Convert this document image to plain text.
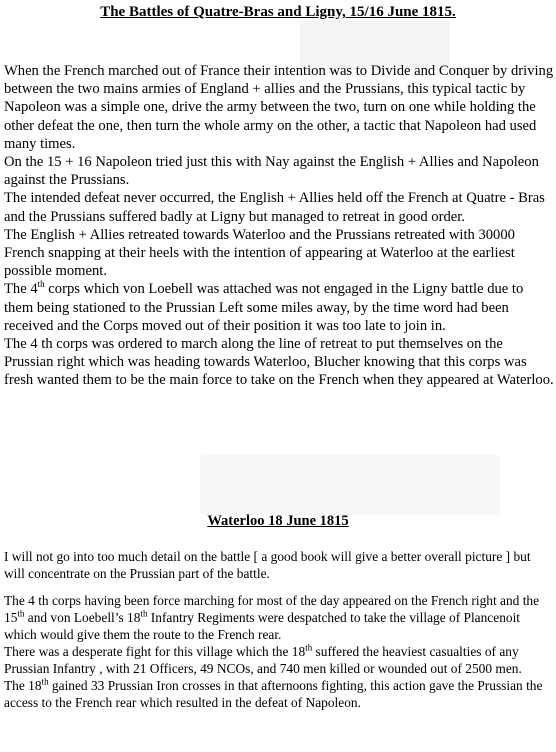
The Battles of Quatre-Bras and Ligny, 15/16 June 1815.

When the French marched out of France their intention was to Divide and Conquer by driving between the two mains armies of England + allies and the Prussians, this typical tactic by Napoleon was a simple one, drive the army between the two, turn on one while holding the other defeat the one, then turn the whole army on the other, a tactic that Napoleon had used many times.

On the 15 + 16 Napoleon tried just this with Nay against the English + Allies and Napoleon against the Prussians.

The intended defeat never occurred, the English + Allies held off the French at Quatre - Bras and the Prussians suffered badly at Ligny but managed to retreat in good order.

The English + Allies retreated towards Waterloo and the Prussians retreated with 30000 French snapping at their heels with the intention of appearing at Waterloo at the earliest possible moment.

The 4th corps which von Loebell was attached was not engaged in the Ligny battle due to them being stationed to the Prussian Left some miles away, by the time word had been received and the Corps moved out of their position it was too late to join in.

The 4 th corps was ordered to march along the line of retreat to put themselves on the Prussian right which was heading towards Waterloo, Blucher knowing that this corps was fresh wanted them to be the main force to take on the French when they appeared at Waterloo.

Waterloo 18 June 1815

I will not go into too much detail on the battle [ a good book will give a better overall picture ] but will concentrate on the Prussian part of the battle.

The 4 th corps having been force marching for most of the day appeared on the French right and the 15th and von Loebell’s 18th Infantry Regiments were despatched to take the village of Plancenoit which would give them the route to the French rear.

There was a desperate fight for this village which the 18th suffered the heaviest casualties of any Prussian Infantry , with 21 Officers, 49 NCOs, and 740 men killed or wounded out of 2500 men.

The 18th gained 33 Prussian Iron crosses in that afternoons fighting, this action gave the Prussian the access to the French rear which resulted in the defeat of Napoleon.
